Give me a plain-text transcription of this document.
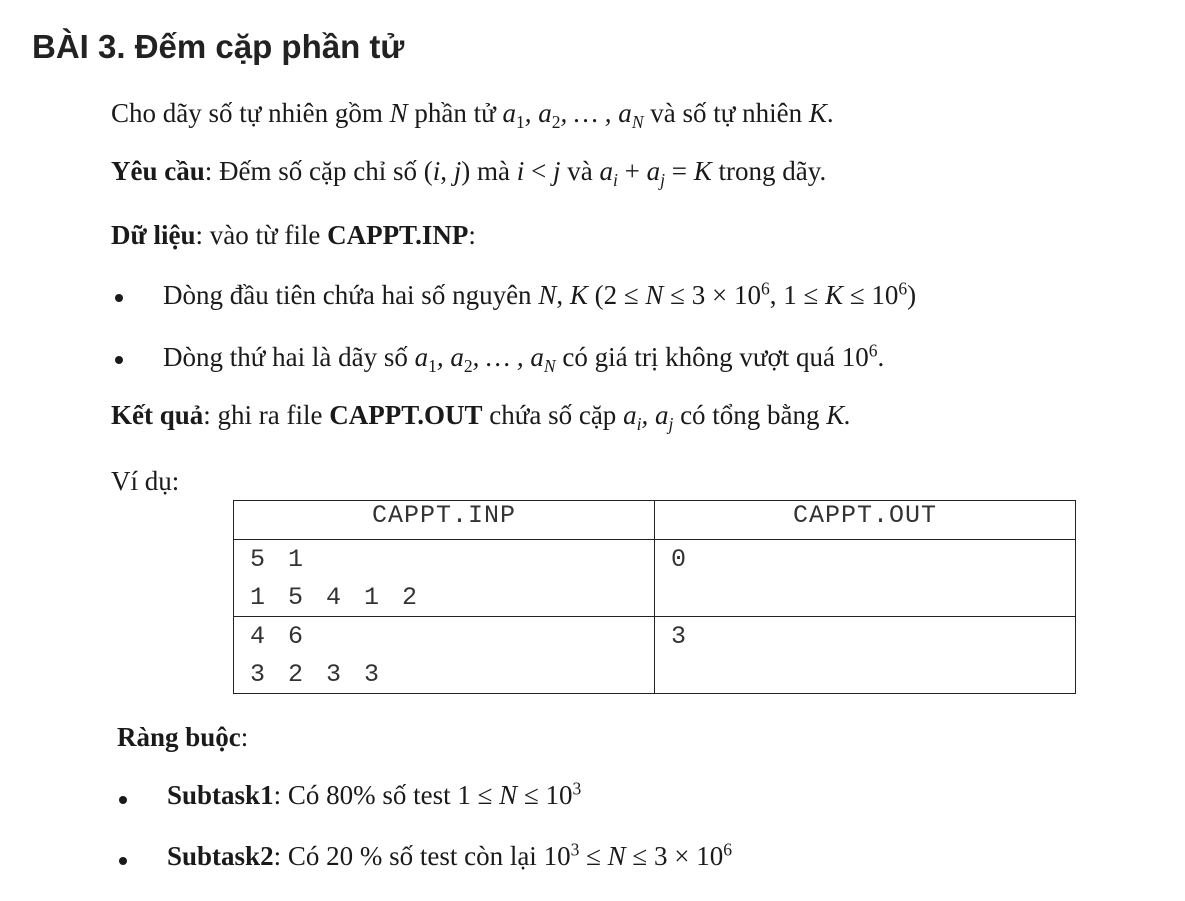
BÀI 3. Đếm cặp phần tử
Cho dãy số tự nhiên gồm N phần tử $a_1$, $a_2$, … , $a_N$ và số tự nhiên K.
Yêu cầu: Đếm số cặp chỉ số (i, j) mà i < j và $a_i + a_j = K$ trong dãy.
Dữ liệu: vào từ file CAPPT.INP:
Dòng đầu tiên chứa hai số nguyên N, K ($2 \le N \le 3 \times 10^6$, $1 \le K \le 10^6$)
Dòng thứ hai là dãy số $a_1$, $a_2$, … , $a_N$ có giá trị không vượt quá $10^6$.
Kết quả: ghi ra file CAPPT.OUT chứa số cặp $a_i$, $a_j$ có tổng bằng K.
Ví dụ:
CAPPT.INP	CAPPT.OUT

5 1
1 5 4 1 2	0

4 6
3 2 3 3	3
Ràng buộc:
Subtask1: Có 80% số test $1 \le N \le 10^3$
Subtask2: Có 20 % số test còn lại $10^3 \le N \le 3 \times 10^6$
